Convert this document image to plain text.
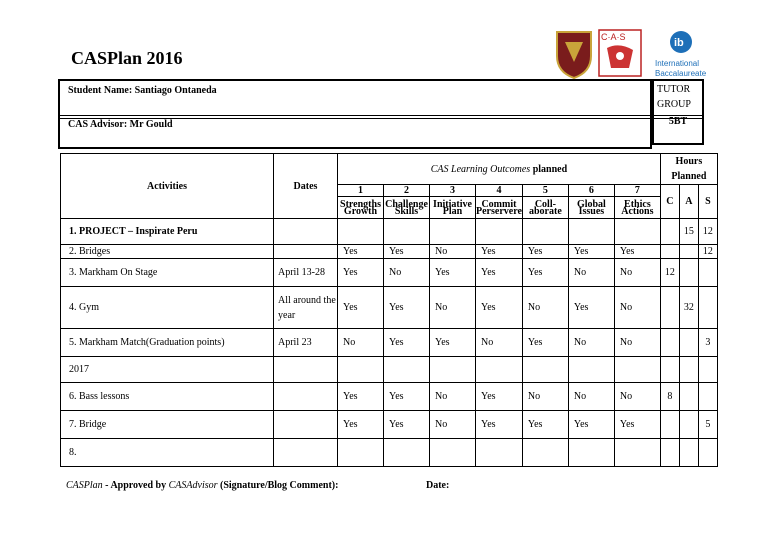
CASPlan 2016
C·A·S	ib
International
Baccalaureate
Student Name: Santiago Ontaneda
CAS Advisor: Mr Gould
TUTOR GROUP
5BT
Activities	Dates	CAS Learning Outcomes planned							Hours Planned		
		1	2	3	4	5	6	7	C	A	S
		Strengths Growth	Challenge Skills	Initiative Plan	Commit Perservere	Coll-aborate	Global Issues	Ethics Actions			
1. PROJECT – Inspirate Peru										15	12
2. Bridges		Yes	Yes	No	Yes	Yes	Yes	Yes			12
3. Markham On Stage	April 13-28	Yes	No	Yes	Yes	Yes	No	No	12		
4. Gym	All around the year	Yes	Yes	No	Yes	No	Yes	No		32	
5. Markham Match(Graduation points)	April 23	No	Yes	Yes	No	Yes	No	No			3
2017											
6. Bass lessons		Yes	Yes	No	Yes	No	No	No	8		
7. Bridge		Yes	Yes	No	Yes	Yes	Yes	Yes			5
8.											
CASPlan - Approved by CASAdvisor (Signature/Blog Comment):	Date:
